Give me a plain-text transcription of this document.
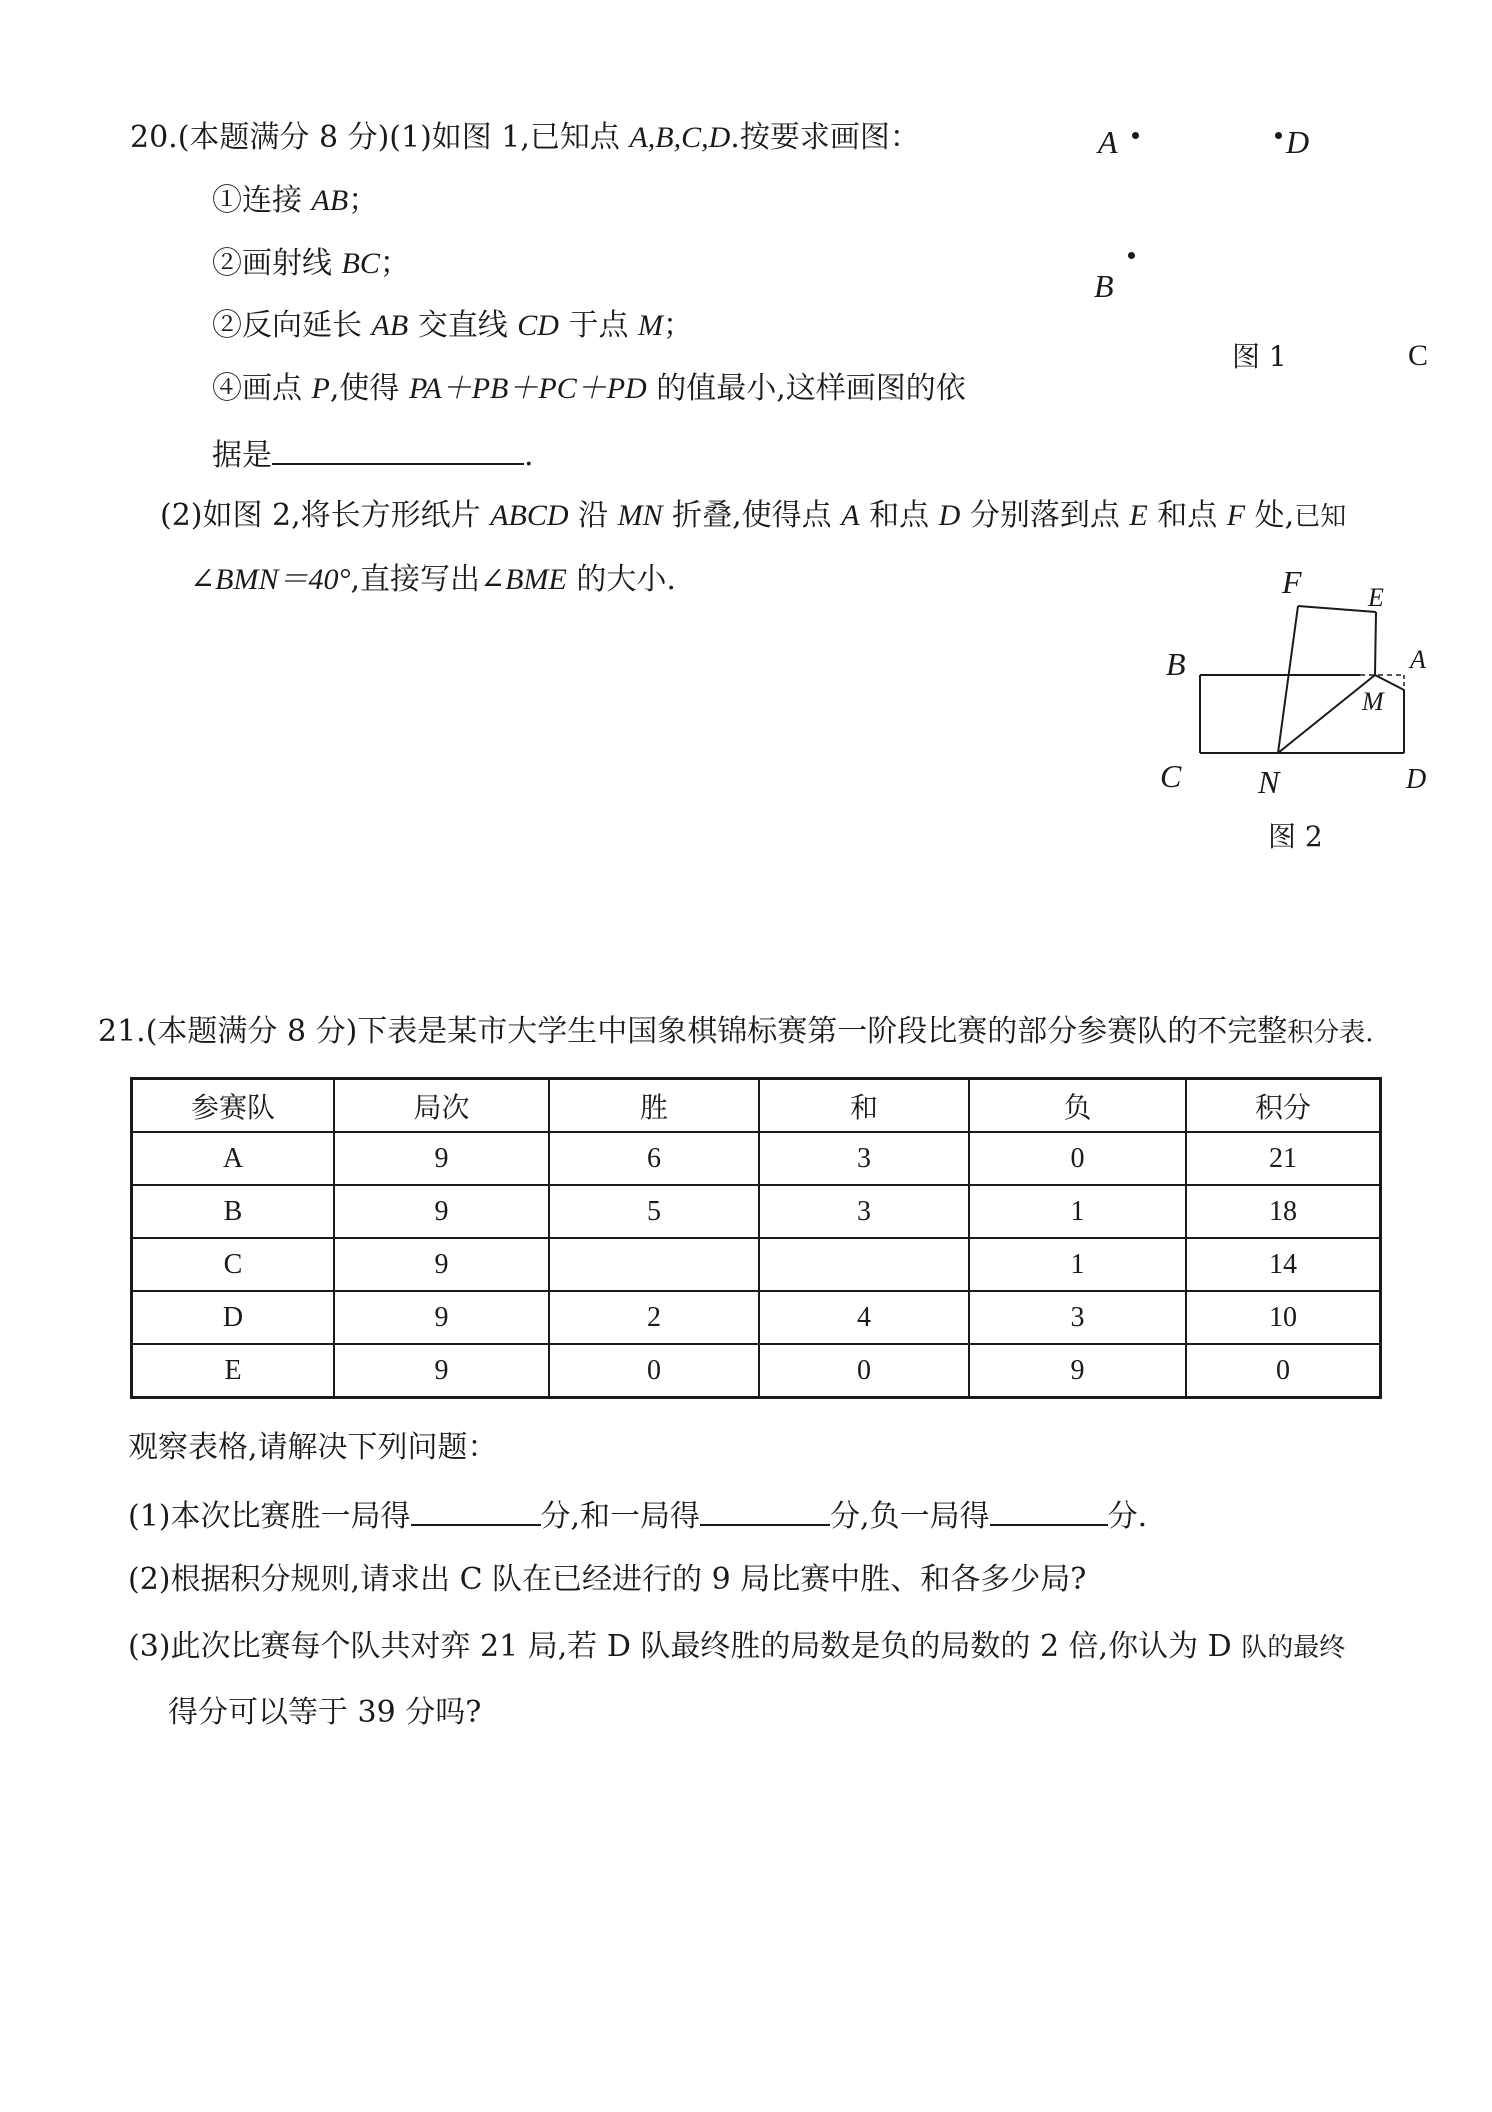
20.(本题满分 8 分)(1)如图 1,已知点 A,B,C,D.按要求画图：
①连接 AB；
②画射线 BC；
②反向延长 AB 交直线 CD 于点 M；
④画点 P,使得 PA＋PB＋PC＋PD 的值最小,这样画图的依
据是	.
A	D
B
图 1	C
(2)如图 2,将长方形纸片 ABCD 沿 MN 折叠,使得点 A 和点 D 分别落到点 E 和点 F 处,已知
∠BMN＝40°,直接写出∠BME 的大小.	F	E
B	A
M
C N	D
图 2
21.(本题满分 8 分)下表是某市大学生中国象棋锦标赛第一阶段比赛的部分参赛队的不完整积分表.
参赛队	局次	胜	和	负	积分
A	9	6	3	0	21
B	9	5	3	1	18
C	9			1	14
D	9	2	4	3	10
E	9	0	0	9	0
观察表格,请解决下列问题：
(1)本次比赛胜一局得	分,和一局得	分,负一局得	分.
(2)根据积分规则,请求出 C 队在已经进行的 9 局比赛中胜、和各多少局?
(3)此次比赛每个队共对弈 21 局,若 D 队最终胜的局数是负的局数的 2 倍,你认为 D 队的最终
得分可以等于 39 分吗?
